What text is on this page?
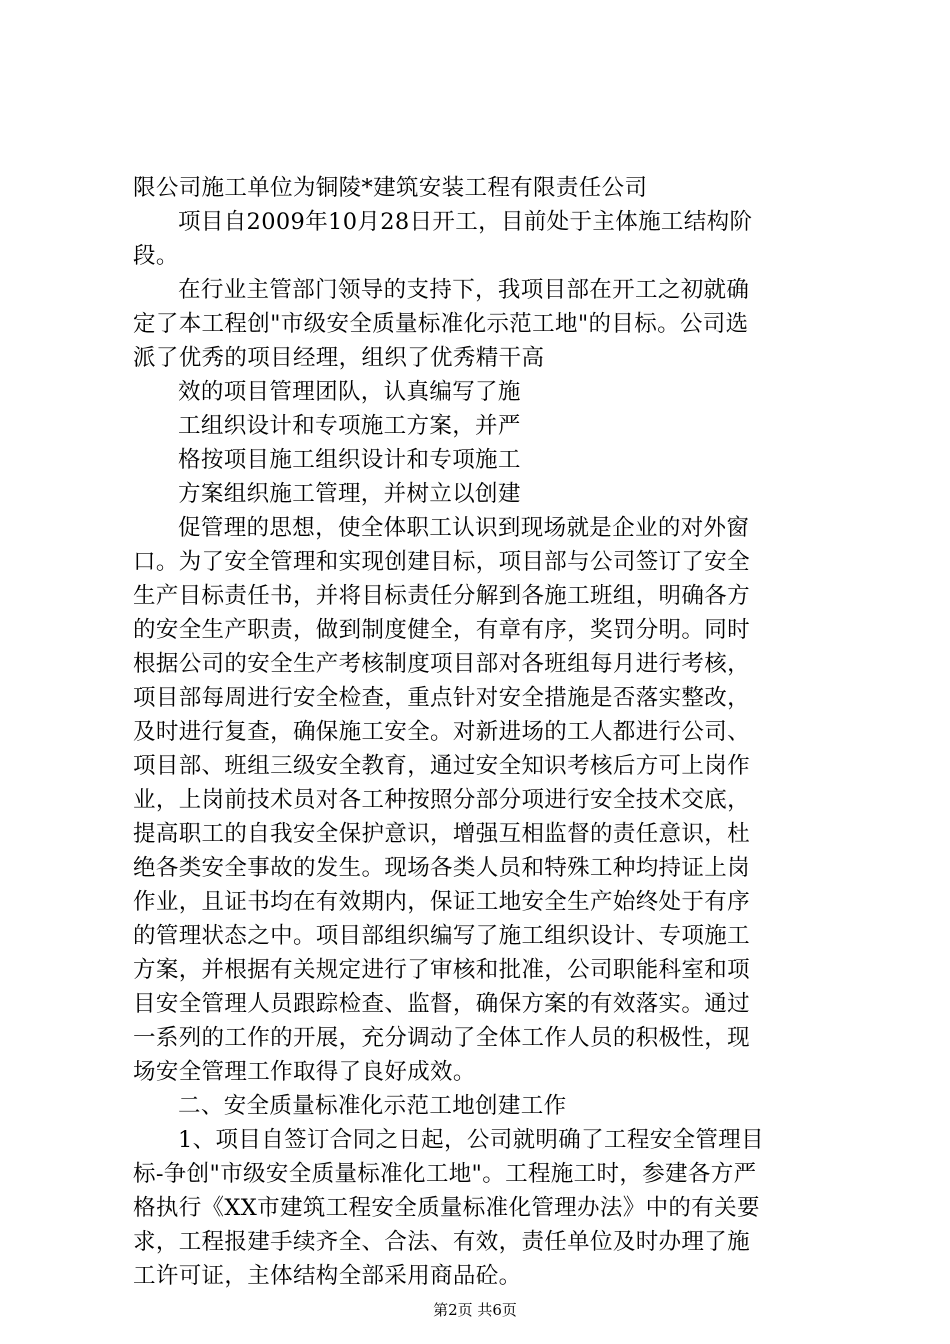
限公司施工单位为铜陵*建筑安装工程有限责任公司
项目自2009年10月28日开工，目前处于主体施工结构阶
段。
在行业主管部门领导的支持下，我项目部在开工之初就确
定了本工程创"市级安全质量标准化示范工地"的目标。公司选
派了优秀的项目经理，组织了优秀精干高
效的项目管理团队，认真编写了施
工组织设计和专项施工方案，并严
格按项目施工组织设计和专项施工
方案组织施工管理，并树立以创建
促管理的思想，使全体职工认识到现场就是企业的对外窗
口。为了安全管理和实现创建目标，项目部与公司签订了安全
生产目标责任书，并将目标责任分解到各施工班组，明确各方
的安全生产职责，做到制度健全，有章有序，奖罚分明。同时
根据公司的安全生产考核制度项目部对各班组每月进行考核，
项目部每周进行安全检查，重点针对安全措施是否落实整改，
及时进行复查，确保施工安全。对新进场的工人都进行公司、
项目部、班组三级安全教育，通过安全知识考核后方可上岗作
业，上岗前技术员对各工种按照分部分项进行安全技术交底，
提高职工的自我安全保护意识，增强互相监督的责任意识，杜
绝各类安全事故的发生。现场各类人员和特殊工种均持证上岗
作业，且证书均在有效期内，保证工地安全生产始终处于有序
的管理状态之中。项目部组织编写了施工组织设计、专项施工
方案，并根据有关规定进行了审核和批准，公司职能科室和项
目安全管理人员跟踪检查、监督，确保方案的有效落实。通过
一系列的工作的开展，充分调动了全体工作人员的积极性，现
场安全管理工作取得了良好成效。
二、安全质量标准化示范工地创建工作
1、项目自签订合同之日起，公司就明确了工程安全管理目
标-争创"市级安全质量标准化工地"。工程施工时，参建各方严
格执行《XX市建筑工程安全质量标准化管理办法》中的有关要
求，工程报建手续齐全、合法、有效，责任单位及时办理了施
工许可证，主体结构全部采用商品砼。
第2页 共6页
